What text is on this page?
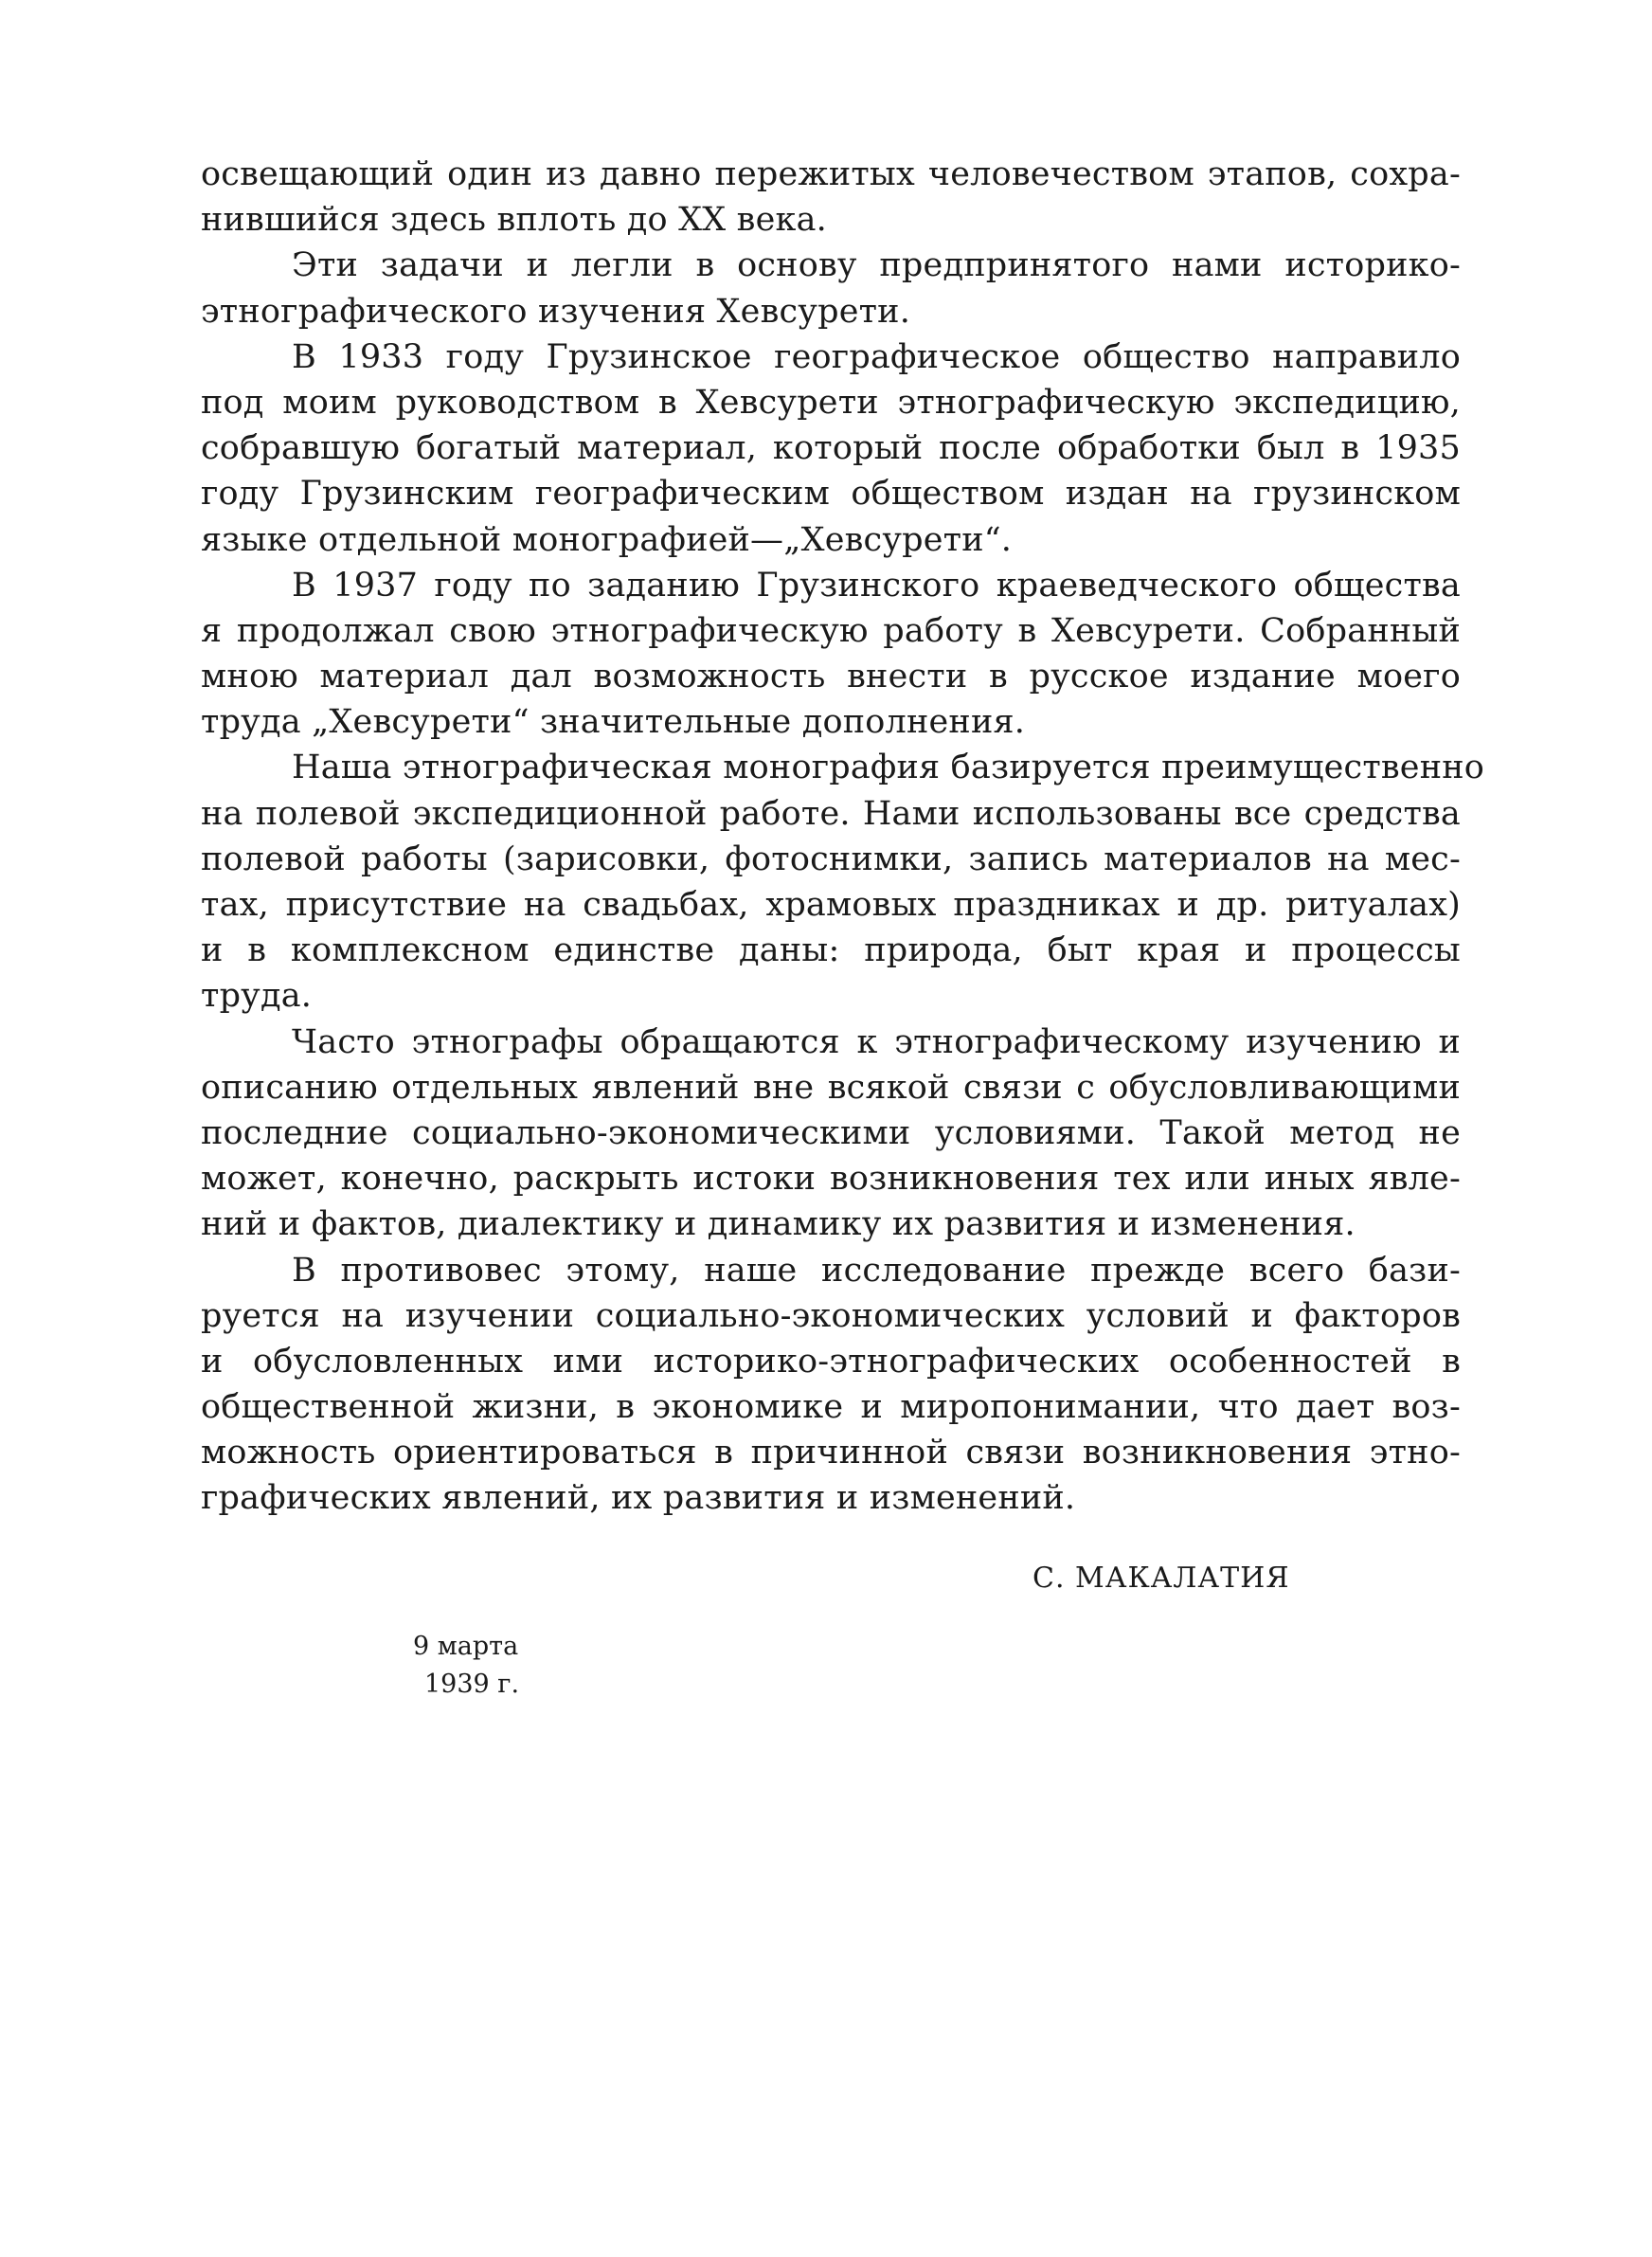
освещающий один из давно пережитых человечеством этапов, сохра-
нившийся здесь вплоть до XX века.
Эти задачи и легли в основу предпринятого нами историко-
этнографического изучения Хевсурети.
В 1933 году Грузинское географическое общество направило
под моим руководством в Хевсурети этнографическую экспедицию,
собравшую богатый материал, который после обработки был в 1935
году Грузинским географическим обществом издан на грузинском
языке отдельной монографией—„Хевсурети“.
В 1937 году по заданию Грузинского краеведческого общества
я продолжал свою этнографическую работу в Хевсурети. Собранный
мною материал дал возможность внести в русское издание моего
труда „Хевсурети“ значительные дополнения.
Наша этнографическая монография базируется преимущественно
на полевой экспедиционной работе. Нами использованы все средства
полевой работы (зарисовки, фотоснимки, запись материалов на мес-
тах, присутствие на свадьбах, храмовых праздниках и др. ритуалах)
и в комплексном единстве даны: природа, быт края и процессы
труда.
Часто этнографы обращаются к этнографическому изучению и
описанию отдельных явлений вне всякой связи с обусловливающими
последние социально-экономическими условиями. Такой метод не
может, конечно, раскрыть истоки возникновения тех или иных явле-
ний и фактов, диалектику и динамику их развития и изменения.
В противовес этому, наше исследование прежде всего бази-
руется на изучении социально-экономических условий и факторов
и обусловленных ими историко-этнографических особенностей в
общественной жизни, в экономике и миропонимании, что дает воз-
можность ориентироваться в причинной связи возникновения этно-
графических явлений, их развития и изменений.
С. МАКАЛАТИЯ
9 марта
1939 г.
